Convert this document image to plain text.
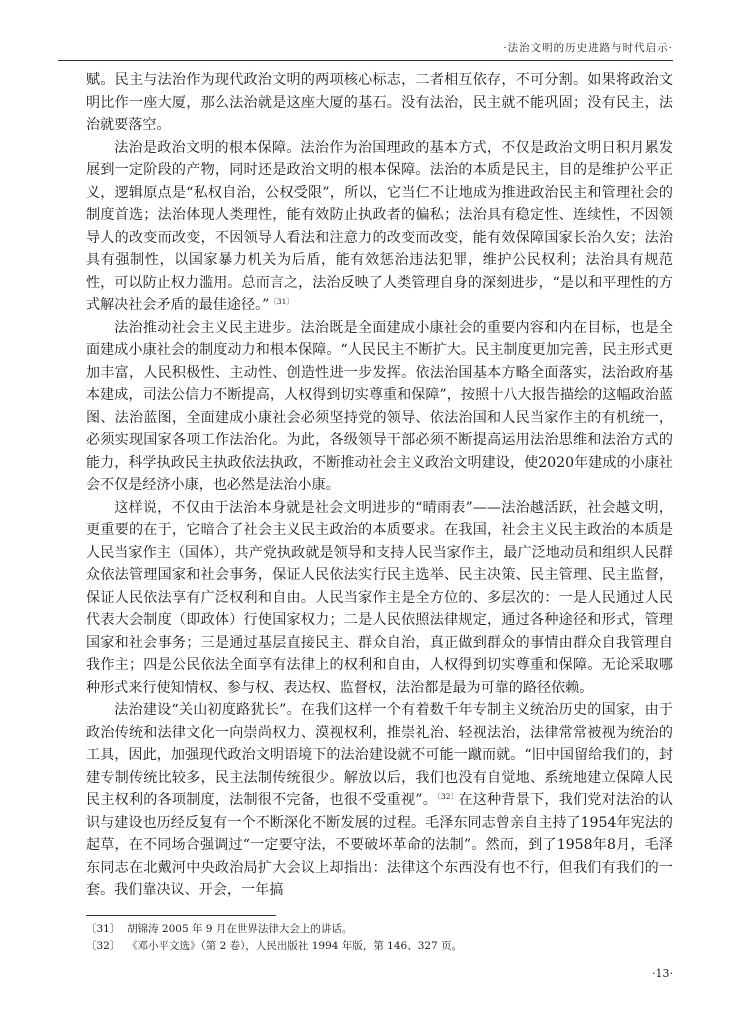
·法治文明的历史进路与时代启示·

赋。民主与法治作为现代政治文明的两项核心标志，二者相互依存，不可分割。如果将政治文明比作一座大厦，那么法治就是这座大厦的基石。没有法治，民主就不能巩固；没有民主，法治就要落空。

法治是政治文明的根本保障。法治作为治国理政的基本方式，不仅是政治文明日积月累发展到一定阶段的产物，同时还是政治文明的根本保障。法治的本质是民主，目的是维护公平正义，逻辑原点是“私权自治，公权受限”，所以，它当仁不让地成为推进政治民主和管理社会的制度首选；法治体现人类理性，能有效防止执政者的偏私；法治具有稳定性、连续性，不因领导人的改变而改变，不因领导人看法和注意力的改变而改变，能有效保障国家长治久安；法治具有强制性，以国家暴力机关为后盾，能有效惩治违法犯罪，维护公民权利；法治具有规范性，可以防止权力滥用。总而言之，法治反映了人类管理自身的深刻进步，“是以和平理性的方式解决社会矛盾的最佳途径。”$^{〔31〕}$

法治推动社会主义民主进步。法治既是全面建成小康社会的重要内容和内在目标，也是全面建成小康社会的制度动力和根本保障。“人民民主不断扩大。民主制度更加完善，民主形式更加丰富，人民积极性、主动性、创造性进一步发挥。依法治国基本方略全面落实，法治政府基本建成，司法公信力不断提高，人权得到切实尊重和保障”，按照十八大报告描绘的这幅政治蓝图、法治蓝图，全面建成小康社会必须坚持党的领导、依法治国和人民当家作主的有机统一，必须实现国家各项工作法治化。为此，各级领导干部必须不断提高运用法治思维和法治方式的能力，科学执政民主执政依法执政，不断推动社会主义政治文明建设，使2020年建成的小康社会不仅是经济小康，也必然是法治小康。

这样说，不仅由于法治本身就是社会文明进步的“晴雨表”——法治越活跃，社会越文明，更重要的在于，它暗合了社会主义民主政治的本质要求。在我国，社会主义民主政治的本质是人民当家作主（国体），共产党执政就是领导和支持人民当家作主，最广泛地动员和组织人民群众依法管理国家和社会事务，保证人民依法实行民主选举、民主决策、民主管理、民主监督，保证人民依法享有广泛权利和自由。人民当家作主是全方位的、多层次的：一是人民通过人民代表大会制度（即政体）行使国家权力；二是人民依照法律规定，通过各种途径和形式，管理国家和社会事务；三是通过基层直接民主、群众自治，真正做到群众的事情由群众自我管理自我作主；四是公民依法全面享有法律上的权利和自由，人权得到切实尊重和保障。无论采取哪种形式来行使知情权、参与权、表达权、监督权，法治都是最为可靠的路径依赖。

法治建设“关山初度路犹长”。在我们这样一个有着数千年专制主义统治历史的国家，由于政治传统和法律文化一向崇尚权力、漠视权利，推崇礼治、轻视法治，法律常常被视为统治的工具，因此，加强现代政治文明语境下的法治建设就不可能一蹴而就。“旧中国留给我们的，封建专制传统比较多，民主法制传统很少。解放以后，我们也没有自觉地、系统地建立保障人民民主权利的各项制度，法制很不完备，也很不受重视”。$^{〔32〕}$在这种背景下，我们党对法治的认识与建设也历经反复有一个不断深化不断发展的过程。毛泽东同志曾亲自主持了1954年宪法的起草，在不同场合强调过“一定要守法，不要破坏革命的法制”。然而，到了1958年8月，毛泽东同志在北戴河中央政治局扩大会议上却指出：法律这个东西没有也不行，但我们有我们的一套。我们靠决议、开会，一年搞

〔31〕 胡锦涛 2005 年 9 月在世界法律大会上的讲话。
〔32〕 《邓小平文选》（第 2 卷），人民出版社 1994 年版，第 146、327 页。
·13·
